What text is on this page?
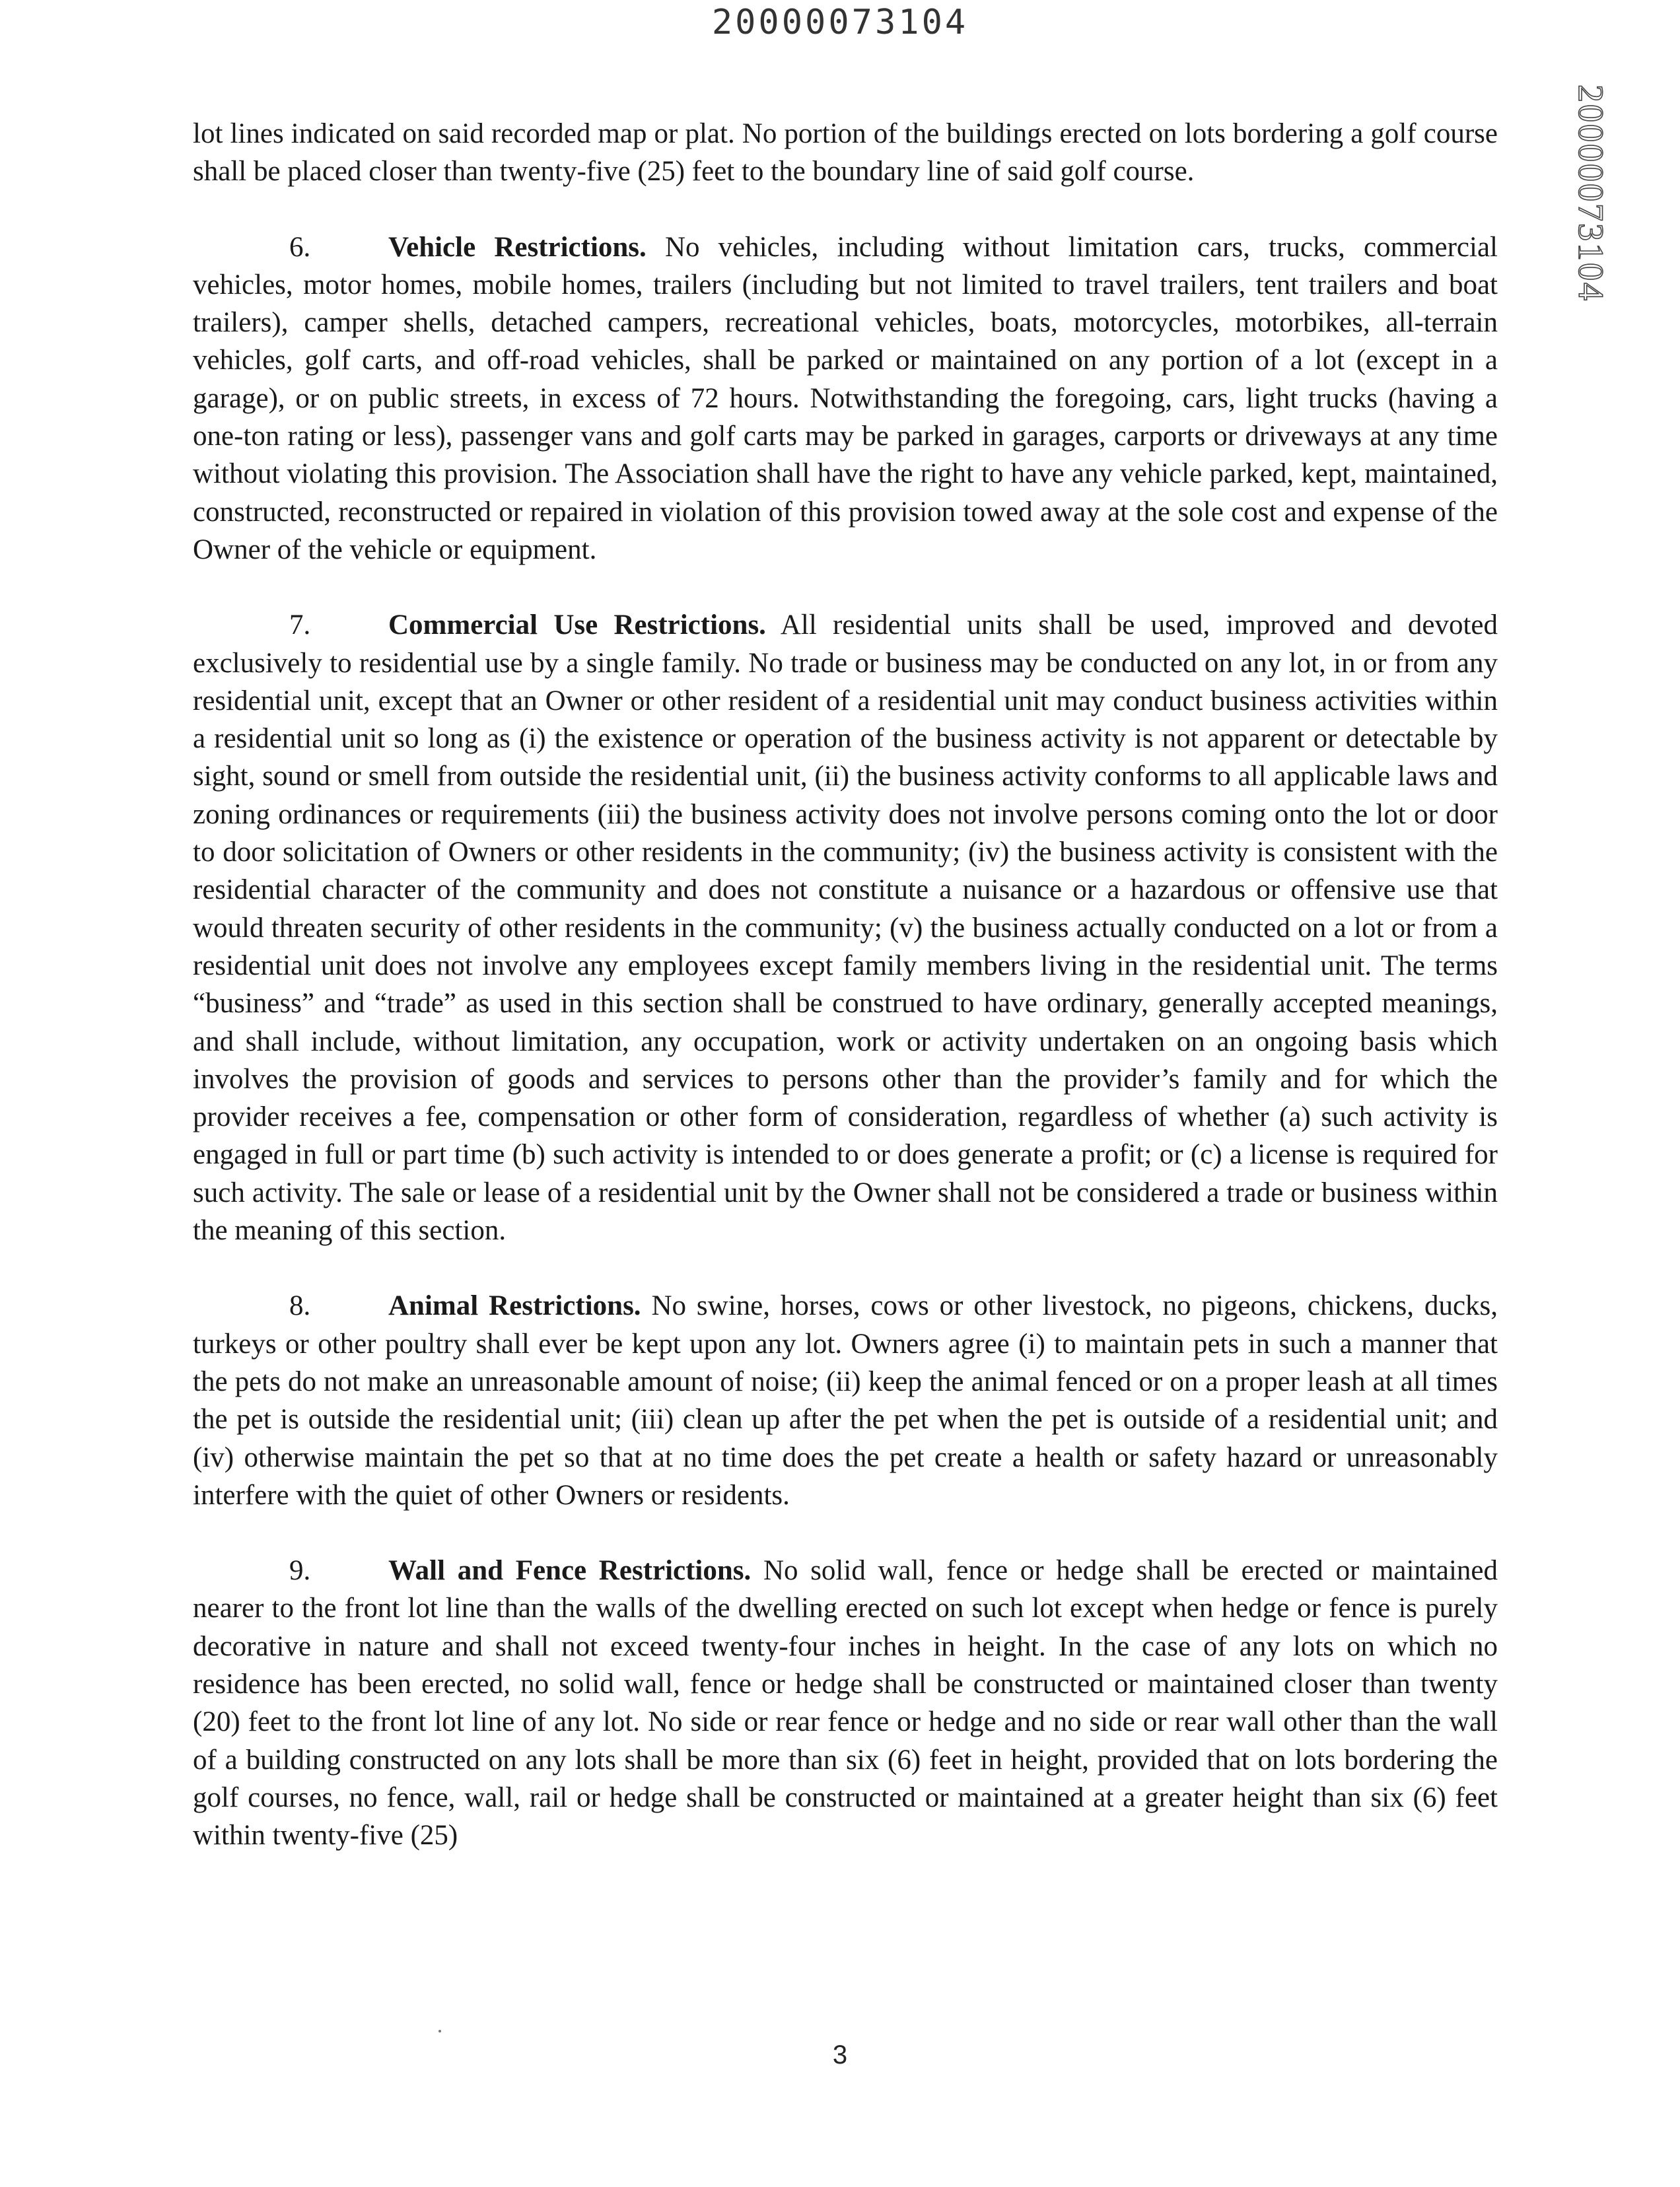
20000073104
20000073104

lot lines indicated on said recorded map or plat. No portion of the buildings erected on lots bordering a golf course shall be placed closer than twenty-five (25) feet to the boundary line of said golf course.

6.	Vehicle Restrictions. No vehicles, including without limitation cars, trucks, commercial vehicles, motor homes, mobile homes, trailers (including but not limited to travel trailers, tent trailers and boat trailers), camper shells, detached campers, recreational vehicles, boats, motorcycles, motorbikes, all-terrain vehicles, golf carts, and off-road vehicles, shall be parked or maintained on any portion of a lot (except in a garage), or on public streets, in excess of 72 hours. Notwithstanding the foregoing, cars, light trucks (having a one-ton rating or less), passenger vans and golf carts may be parked in garages, carports or driveways at any time without violating this provision. The Association shall have the right to have any vehicle parked, kept, maintained, constructed, reconstructed or repaired in violation of this provision towed away at the sole cost and expense of the Owner of the vehicle or equipment.

7.	Commercial Use Restrictions. All residential units shall be used, improved and devoted exclusively to residential use by a single family. No trade or business may be conducted on any lot, in or from any residential unit, except that an Owner or other resident of a residential unit may conduct business activities within a residential unit so long as (i) the existence or operation of the business activity is not apparent or detectable by sight, sound or smell from outside the residential unit, (ii) the business activity conforms to all applicable laws and zoning ordinances or requirements (iii) the business activity does not involve persons coming onto the lot or door to door solicitation of Owners or other residents in the community; (iv) the business activity is consistent with the residential character of the community and does not constitute a nuisance or a hazardous or offensive use that would threaten security of other residents in the community; (v) the business actually conducted on a lot or from a residential unit does not involve any employees except family members living in the residential unit. The terms “business” and “trade” as used in this section shall be construed to have ordinary, generally accepted meanings, and shall include, without limitation, any occupation, work or activity undertaken on an ongoing basis which involves the provision of goods and services to persons other than the provider’s family and for which the provider receives a fee, compensation or other form of consideration, regardless of whether (a) such activity is engaged in full or part time (b) such activity is intended to or does generate a profit; or (c) a license is required for such activity. The sale or lease of a residential unit by the Owner shall not be considered a trade or business within the meaning of this section.

8.	Animal Restrictions. No swine, horses, cows or other livestock, no pigeons, chickens, ducks, turkeys or other poultry shall ever be kept upon any lot. Owners agree (i) to maintain pets in such a manner that the pets do not make an unreasonable amount of noise; (ii) keep the animal fenced or on a proper leash at all times the pet is outside the residential unit; (iii) clean up after the pet when the pet is outside of a residential unit; and (iv) otherwise maintain the pet so that at no time does the pet create a health or safety hazard or unreasonably interfere with the quiet of other Owners or residents.

9.	Wall and Fence Restrictions. No solid wall, fence or hedge shall be erected or maintained nearer to the front lot line than the walls of the dwelling erected on such lot except when hedge or fence is purely decorative in nature and shall not exceed twenty-four inches in height. In the case of any lots on which no residence has been erected, no solid wall, fence or hedge shall be constructed or maintained closer than twenty (20) feet to the front lot line of any lot. No side or rear fence or hedge and no side or rear wall other than the wall of a building constructed on any lots shall be more than six (6) feet in height, provided that on lots bordering the golf courses, no fence, wall, rail or hedge shall be constructed or maintained at a greater height than six (6) feet within twenty-five (25)

3
